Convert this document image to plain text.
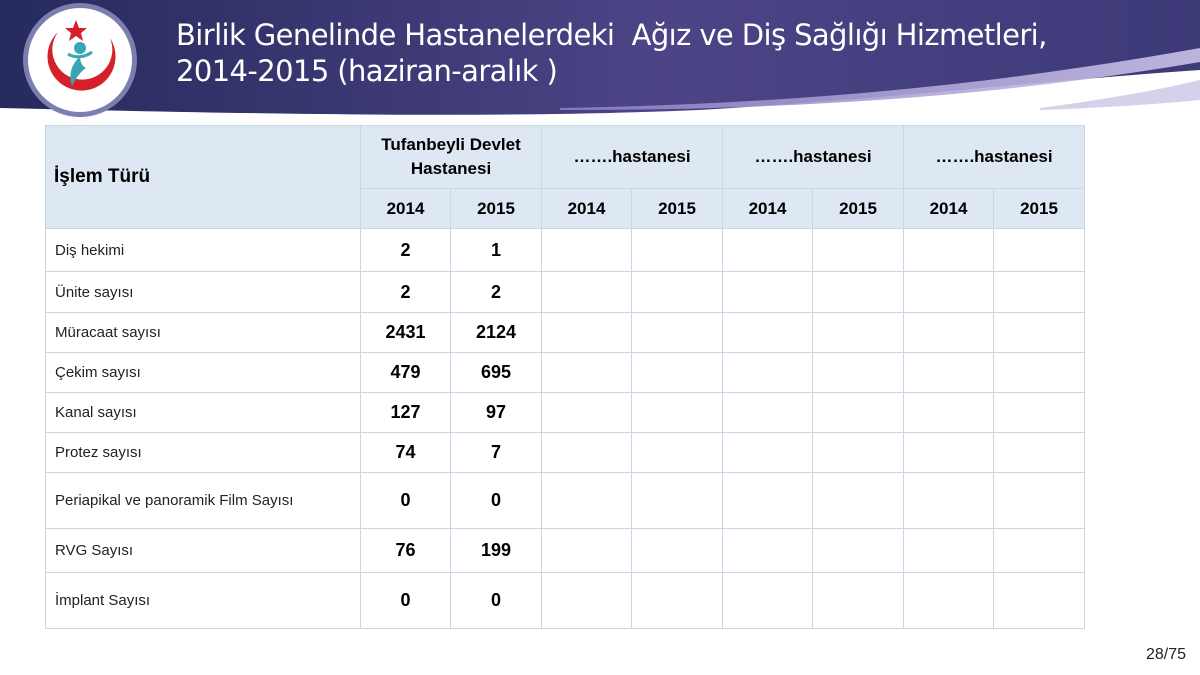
Birlik Genelinde Hastanelerdeki  Ağız ve Diş Sağlığı Hizmetleri,
2014-2015 (haziran-aralık )
İşlem Türü	Tufanbeyli Devlet Hastanesi		…….hastanesi		…….hastanesi		…….hastanesi	
	2014	2015	2014	2015	2014	2015	2014	2015
Diş hekimi	2	1						
Ünite sayısı	2	2						
Müracaat sayısı	2431	2124						
Çekim sayısı	479	695						
Kanal sayısı	127	97						
Protez sayısı	74	7						
Periapikal ve panoramik Film Sayısı	0	0						
RVG Sayısı	76	199						
İmplant Sayısı	0	0						
28/75
